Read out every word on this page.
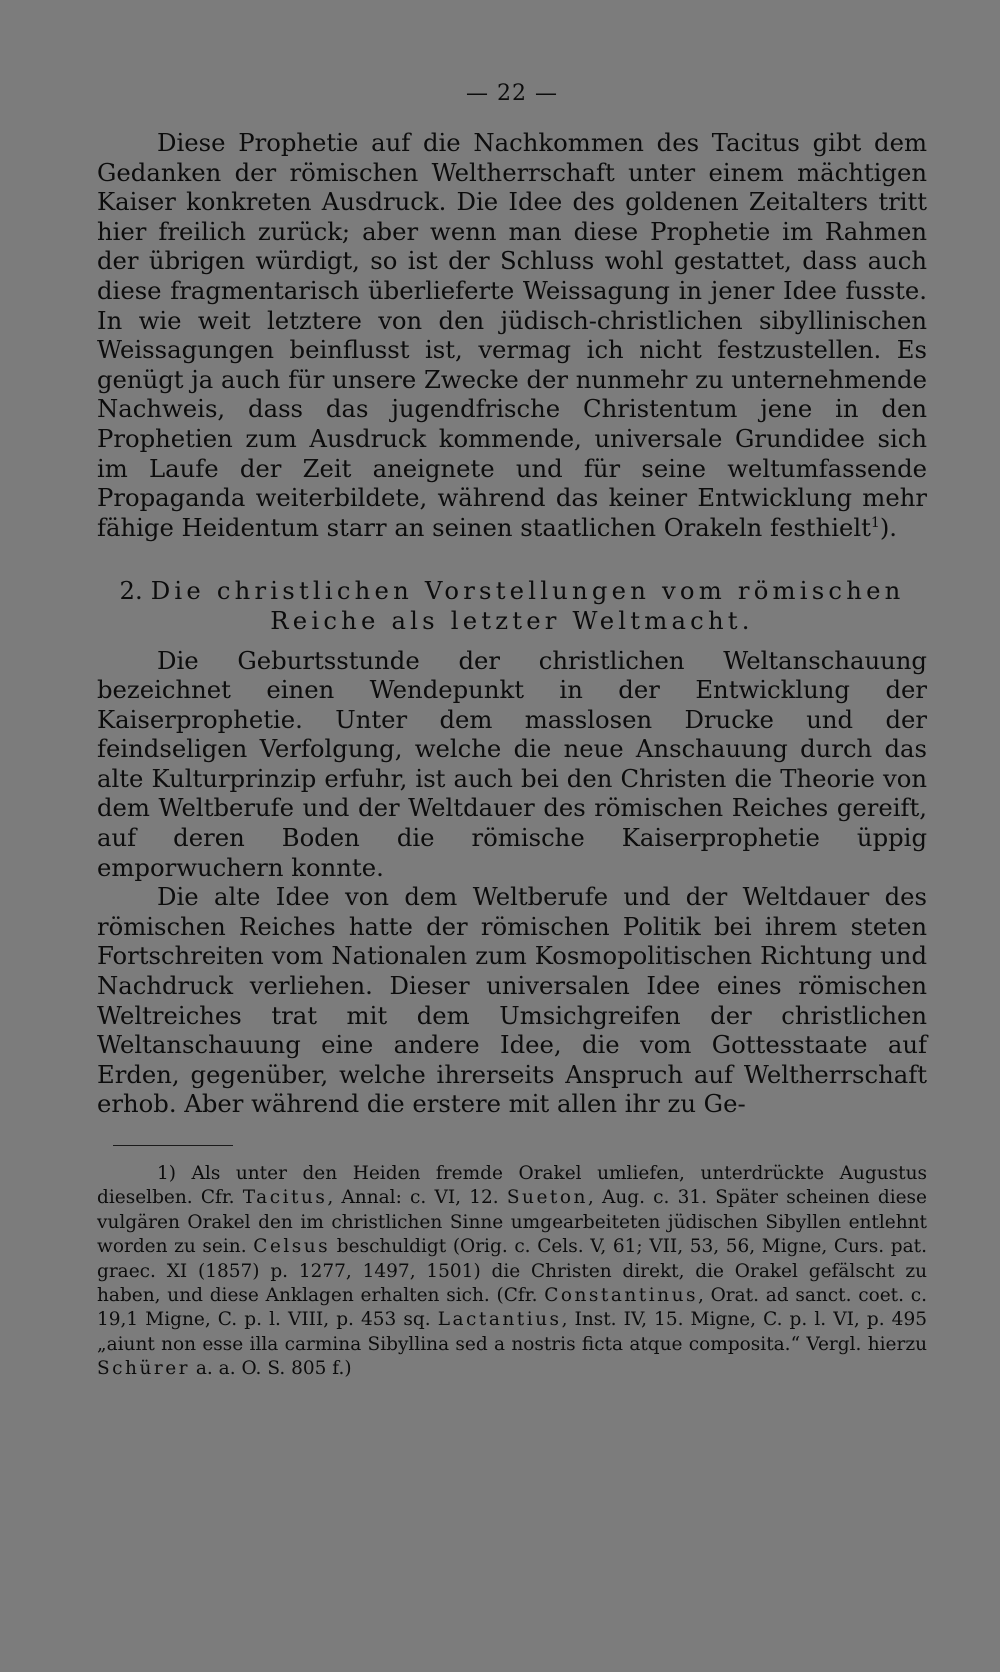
— 22 —

Diese Prophetie auf die Nachkommen des Tacitus gibt dem Gedanken der römischen Weltherrschaft unter einem mächtigen Kaiser konkreten Ausdruck. Die Idee des goldenen Zeitalters tritt hier freilich zurück; aber wenn man diese Prophetie im Rahmen der übrigen würdigt, so ist der Schluss wohl gestattet, dass auch diese fragmentarisch überlieferte Weissagung in jener Idee fusste. In wie weit letztere von den jüdisch-christlichen sibyllinischen Weissagungen beinflusst ist, vermag ich nicht festzustellen. Es genügt ja auch für unsere Zwecke der nunmehr zu unternehmende Nachweis, dass das jugendfrische Christentum jene in den Prophetien zum Ausdruck kommende, universale Grundidee sich im Laufe der Zeit aneignete und für seine weltumfassende Propaganda weiterbildete, während das keiner Entwicklung mehr fähige Heidentum starr an seinen staatlichen Orakeln festhielt$^1$).

2. Die christlichen Vorstellungen vom römischen
Reiche als letzter Weltmacht.

Die Geburtsstunde der christlichen Weltanschauung bezeichnet einen Wendepunkt in der Entwicklung der Kaiserprophetie. Unter dem masslosen Drucke und der feindseligen Verfolgung, welche die neue Anschauung durch das alte Kulturprinzip erfuhr, ist auch bei den Christen die Theorie von dem Weltberufe und der Weltdauer des römischen Reiches gereift, auf deren Boden die römische Kaiserprophetie üppig emporwuchern konnte.

Die alte Idee von dem Weltberufe und der Weltdauer des römischen Reiches hatte der römischen Politik bei ihrem steten Fortschreiten vom Nationalen zum Kosmopolitischen Richtung und Nachdruck verliehen. Dieser universalen Idee eines römischen Weltreiches trat mit dem Umsichgreifen der christlichen Weltanschauung eine andere Idee, die vom Gottesstaate auf Erden, gegenüber, welche ihrerseits Anspruch auf Weltherrschaft erhob. Aber während die erstere mit allen ihr zu Ge-

1) Als unter den Heiden fremde Orakel umliefen, unterdrückte Augustus dieselben. Cfr. Tacitus, Annal: c. VI, 12. Sueton, Aug. c. 31. Später scheinen diese vulgären Orakel den im christlichen Sinne umgearbeiteten jüdischen Sibyllen entlehnt worden zu sein. Celsus beschuldigt (Orig. c. Cels. V, 61; VII, 53, 56, Migne, Curs. pat. graec. XI (1857) p. 1277, 1497, 1501) die Christen direkt, die Orakel gefälscht zu haben, und diese Anklagen erhalten sich. (Cfr. Constantinus, Orat. ad sanct. coet. c. 19,1 Migne, C. p. l. VIII, p. 453 sq. Lactantius, Inst. IV, 15. Migne, C. p. l. VI, p. 495 „aiunt non esse illa carmina Sibyllina sed a nostris ficta atque composita.“ Vergl. hierzu Schürer a. a. O. S. 805 f.)
